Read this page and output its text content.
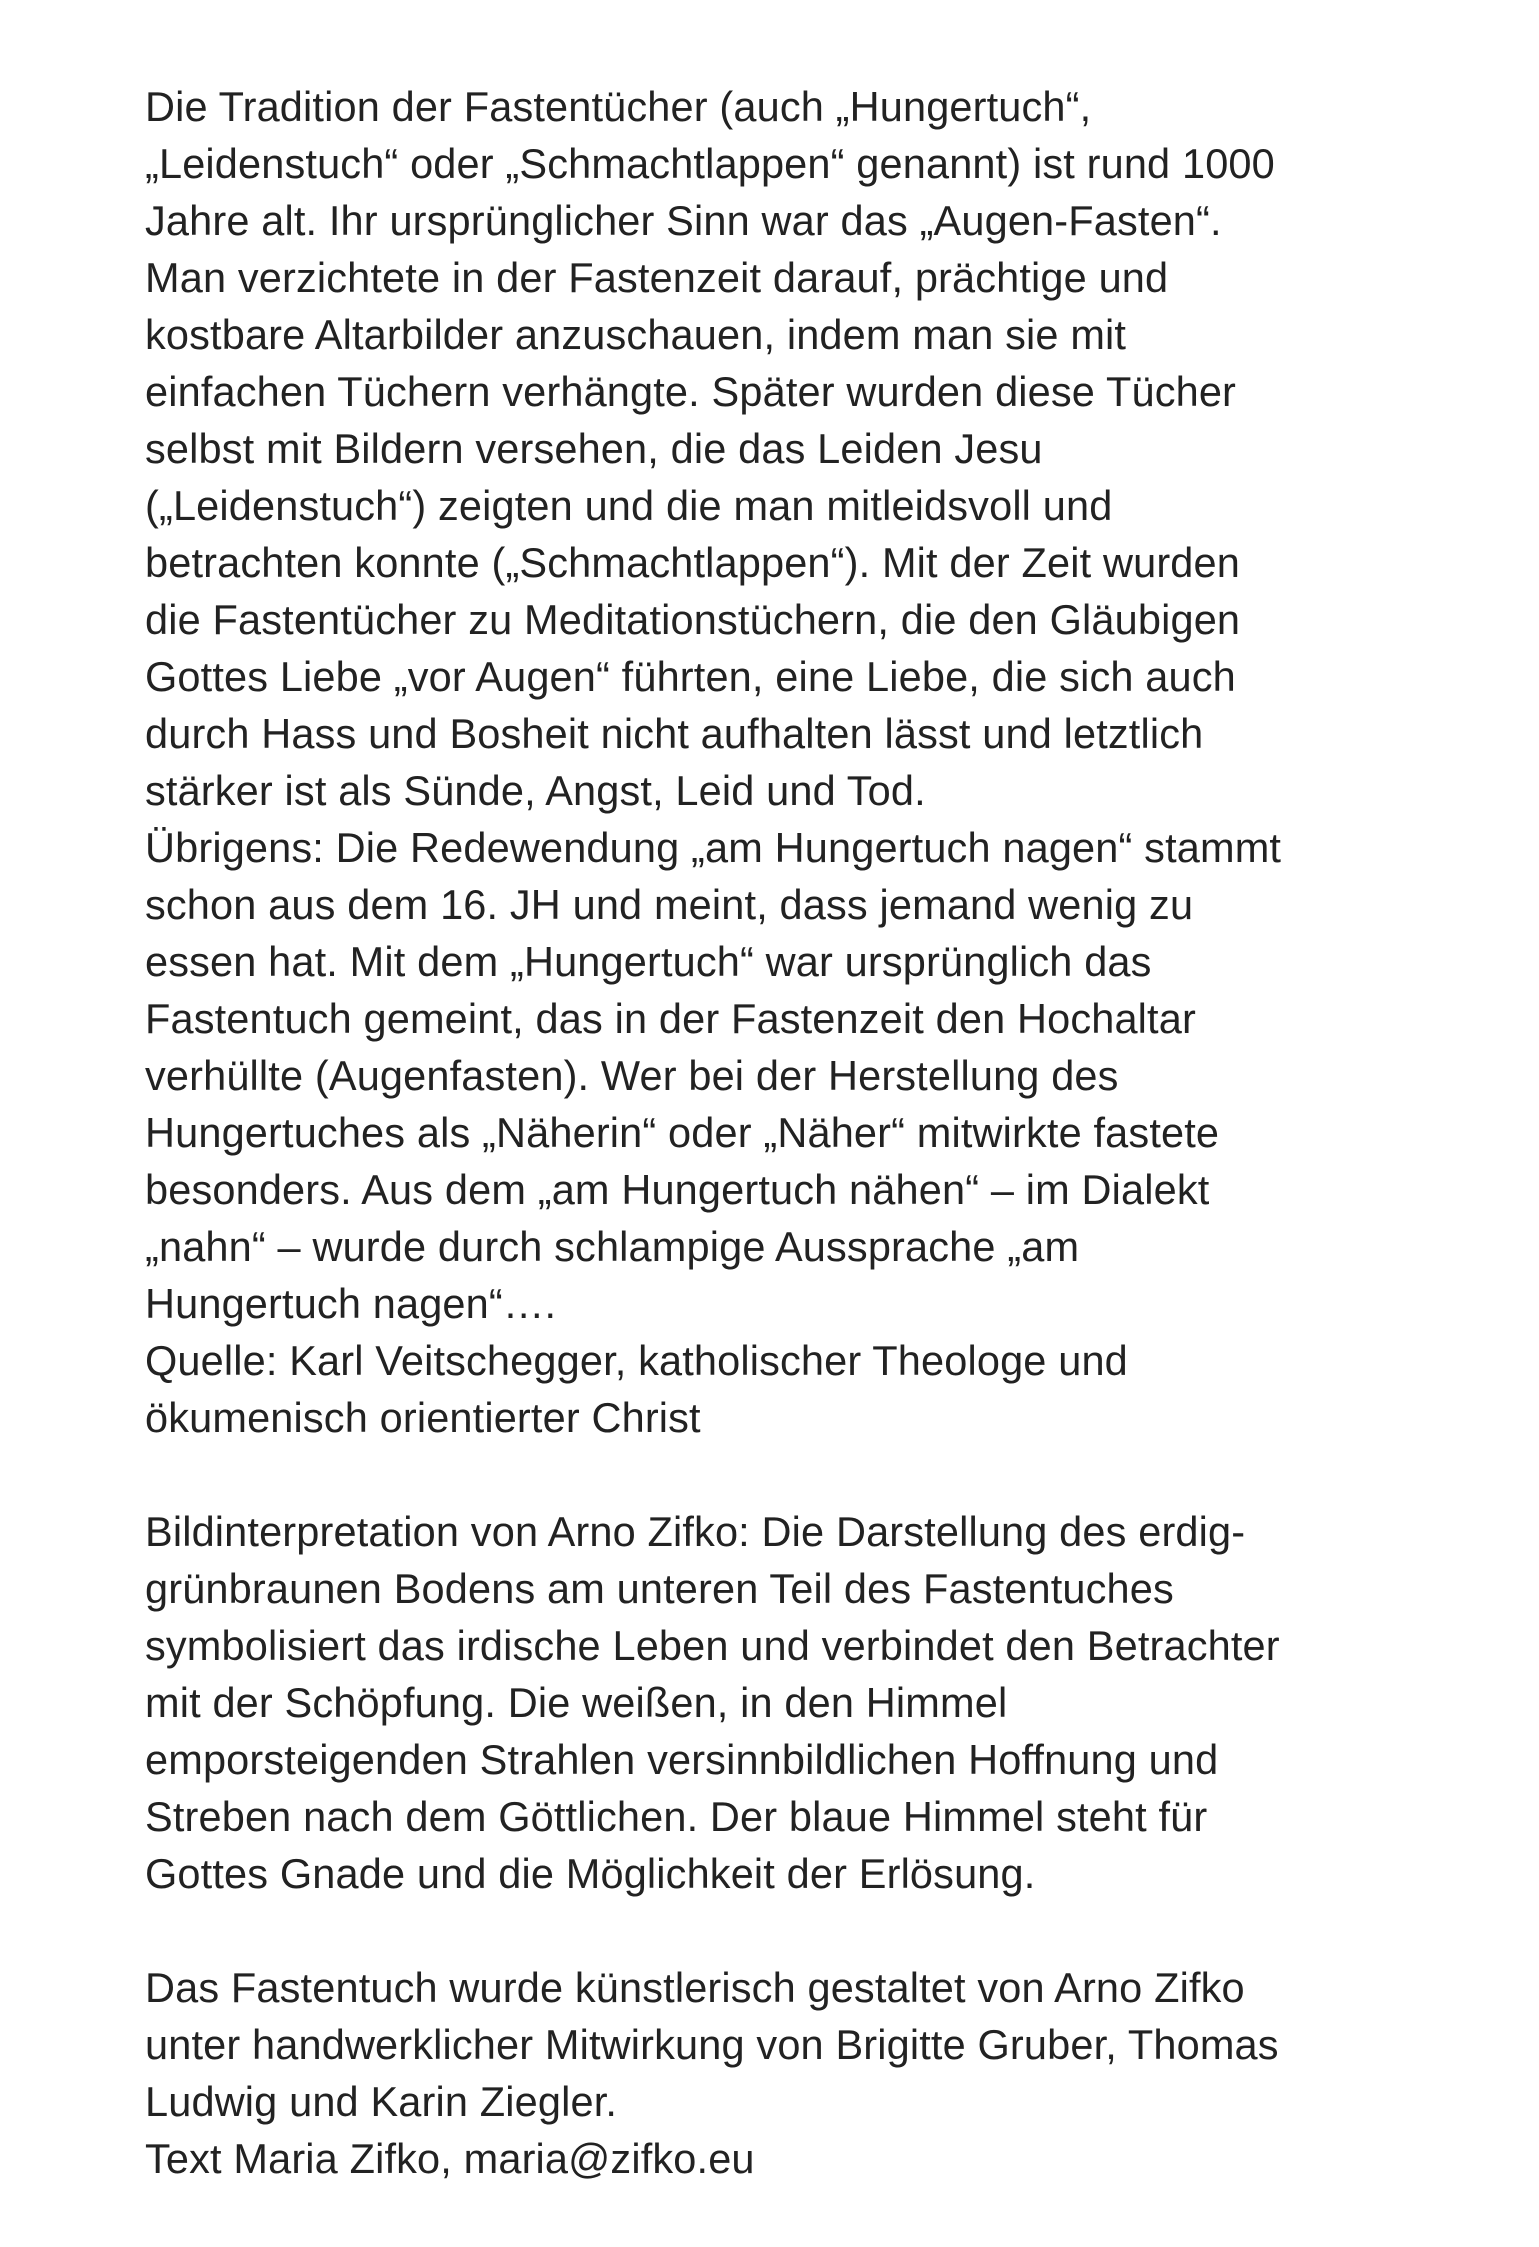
Die Tradition der Fastentücher (auch „Hungertuch“,
„Leidenstuch“ oder „Schmachtlappen“ genannt) ist rund 1000
Jahre alt. Ihr ursprünglicher Sinn war das „Augen-Fasten“.
Man verzichtete in der Fastenzeit darauf, prächtige und
kostbare Altarbilder anzuschauen, indem man sie mit
einfachen Tüchern verhängte. Später wurden diese Tücher
selbst mit Bildern versehen, die das Leiden Jesu
(„Leidenstuch“) zeigten und die man mitleidsvoll und
betrachten konnte („Schmachtlappen“). Mit der Zeit wurden
die Fastentücher zu Meditationstüchern, die den Gläubigen
Gottes Liebe „vor Augen“ führten, eine Liebe, die sich auch
durch Hass und Bosheit nicht aufhalten lässt und letztlich
stärker ist als Sünde, Angst, Leid und Tod.

Übrigens: Die Redewendung „am Hungertuch nagen“ stammt
schon aus dem 16. JH und meint, dass jemand wenig zu
essen hat. Mit dem „Hungertuch“ war ursprünglich das
Fastentuch gemeint, das in der Fastenzeit den Hochaltar
verhüllte (Augenfasten). Wer bei der Herstellung des
Hungertuches als „Näherin“ oder „Näher“ mitwirkte fastete
besonders. Aus dem „am Hungertuch nähen“ – im Dialekt
„nahn“ – wurde durch schlampige Aussprache „am
Hungertuch nagen“….

Quelle: Karl Veitschegger, katholischer Theologe und
ökumenisch orientierter Christ

Bildinterpretation von Arno Zifko: Die Darstellung des erdig-
grünbraunen Bodens am unteren Teil des Fastentuches
symbolisiert das irdische Leben und verbindet den Betrachter
mit der Schöpfung. Die weißen, in den Himmel
emporsteigenden Strahlen versinnbildlichen Hoffnung und
Streben nach dem Göttlichen. Der blaue Himmel steht für
Gottes Gnade und die Möglichkeit der Erlösung.

Das Fastentuch wurde künstlerisch gestaltet von Arno Zifko
unter handwerklicher Mitwirkung von Brigitte Gruber, Thomas
Ludwig und Karin Ziegler.

Text Maria Zifko, maria@zifko.eu
